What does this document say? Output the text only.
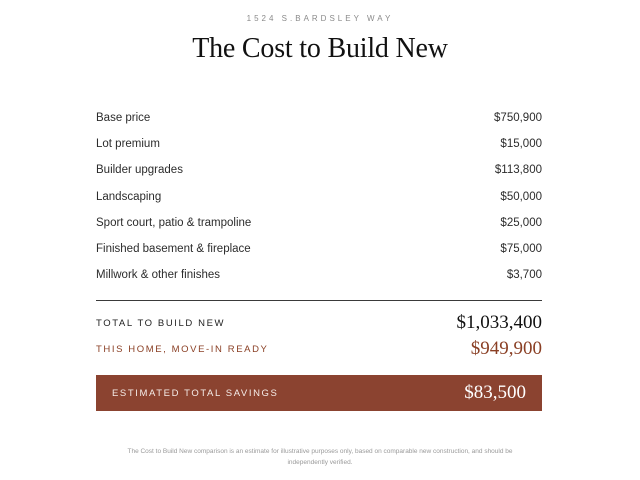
1524 S.BARDSLEY WAY
The Cost to Build New
Base price	$750,900
Lot premium	$15,000
Builder upgrades	$113,800
Landscaping	$50,000
Sport court, patio & trampoline	$25,000
Finished basement & fireplace	$75,000
Millwork & other finishes	$3,700
TOTAL TO BUILD NEW	$1,033,400
THIS HOME, MOVE-IN READY	$949,900
ESTIMATED TOTAL SAVINGS	$83,500
The Cost to Build New comparison is an estimate for illustrative purposes only, based on comparable new construction, and should be independently verified.
